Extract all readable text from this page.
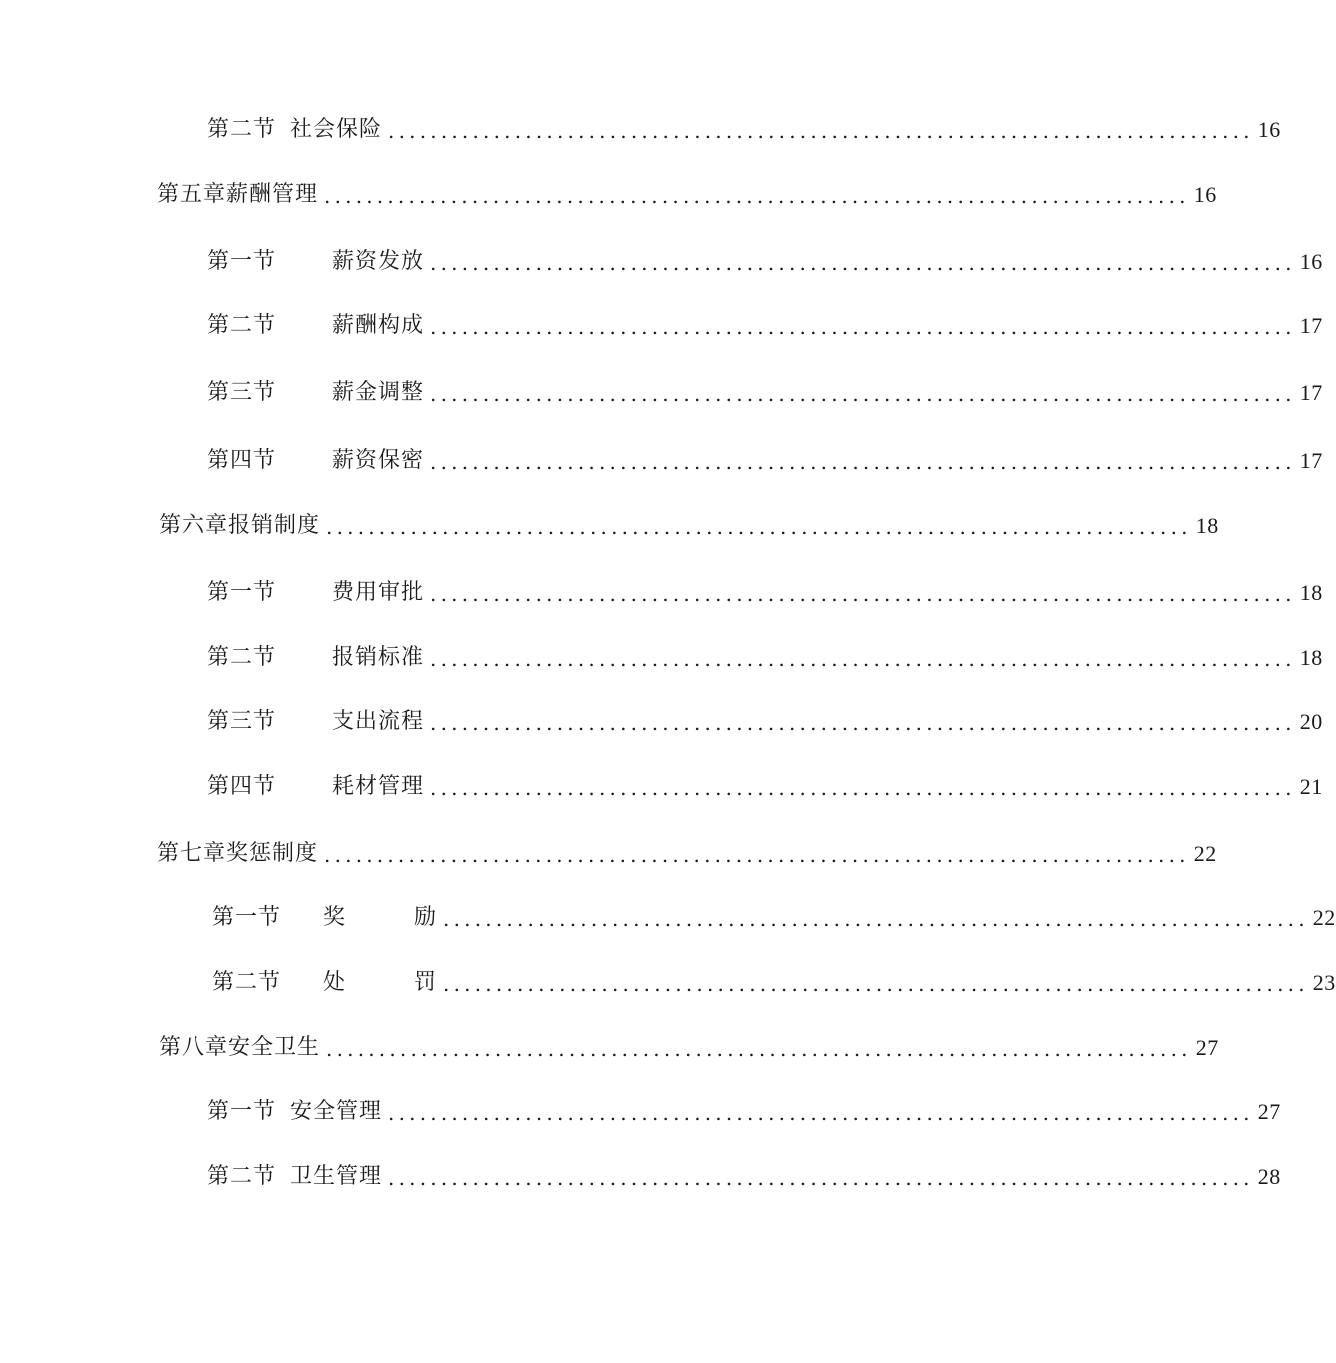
第二节 社会保险 .................................................................................. 16
第五章薪酬管理 .................................................................................. 16
第一节	薪资发放 .................................................................................. 16
第二节	薪酬构成 .................................................................................. 17
第三节	薪金调整 .................................................................................. 17
第四节	薪资保密 .................................................................................. 17
第六章报销制度 .................................................................................. 18
第一节	费用审批 .................................................................................. 18
第二节	报销标准 .................................................................................. 18
第三节	支出流程 .................................................................................. 20
第四节	耗材管理 .................................................................................. 21
第七章奖惩制度 .................................................................................. 22
第一节 奖	励 .................................................................................. 22
第二节 处	罚 .................................................................................. 23
第八章安全卫生 .................................................................................. 27
第一节 安全管理 .................................................................................. 27
第二节 卫生管理 .................................................................................. 28
